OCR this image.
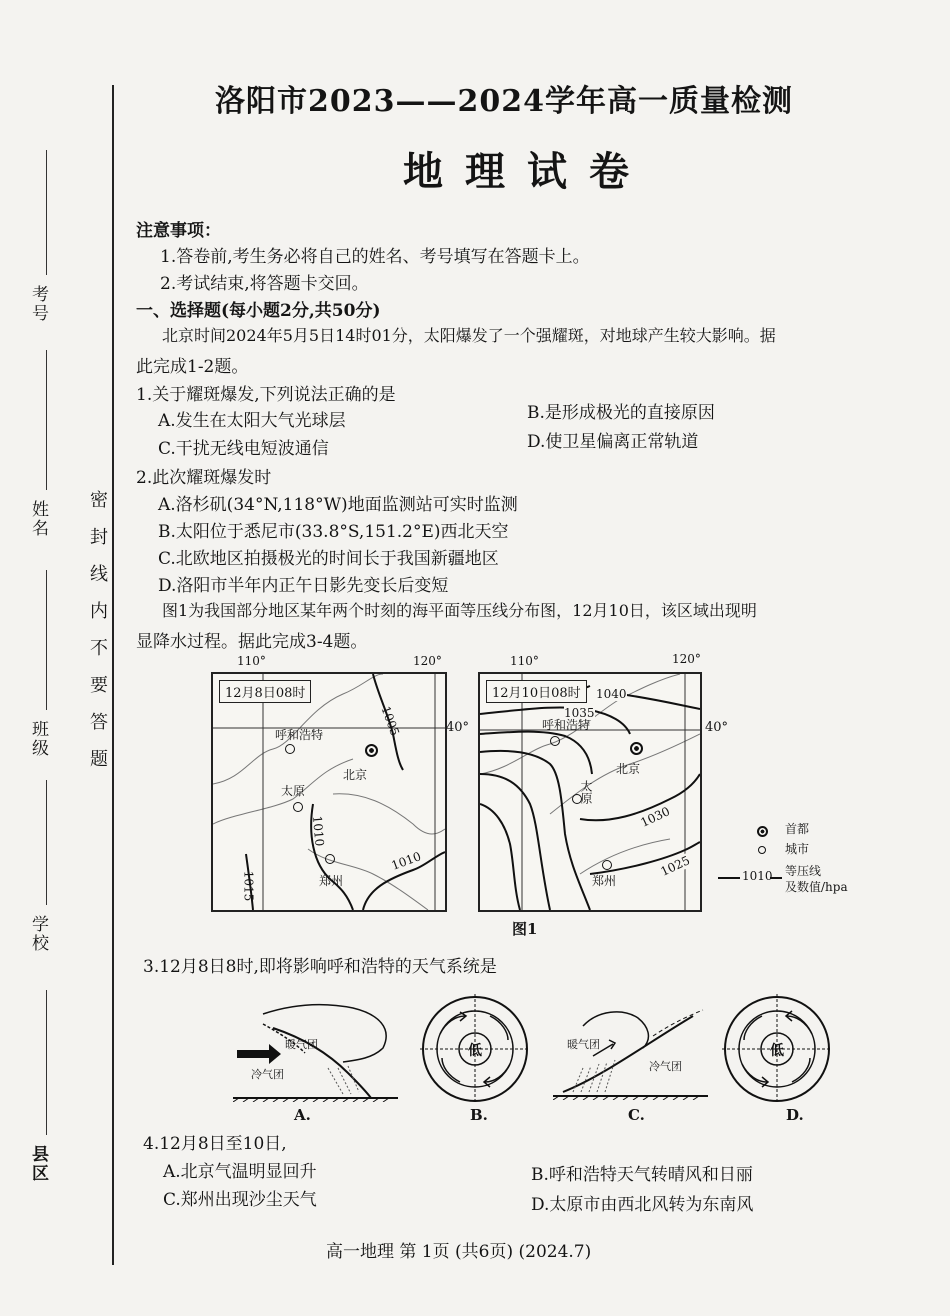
考号
姓名
班级
学校
县区
密封线内不要答题
洛阳市2023——2024学年高一质量检测
地理试卷
注意事项：
1.答卷前,考生务必将自己的姓名、考号填写在答题卡上。
2.考试结束,将答题卡交回。
一、选择题(每小题2分,共50分)
北京时间2024年5月5日14时01分，太阳爆发了一个强耀斑，对地球产生较大影响。据
此完成1-2题。
1.关于耀斑爆发,下列说法正确的是
A.发生在太阳大气光球层	B.是形成极光的直接原因
C.干扰无线电短波通信	D.使卫星偏离正常轨道
2.此次耀斑爆发时
A.洛杉矶(34°N,118°W)地面监测站可实时监测
B.太阳位于悉尼市(33.8°S,151.2°E)西北天空
C.北欧地区拍摄极光的时间长于我国新疆地区
D.洛阳市半年内正午日影先变长后变短
图1为我国部分地区某年两个时刻的海平面等压线分布图，12月10日，该区域出现明
显降水过程。据此完成3-4题。
110°	120°
12月8日08时
1005
1010
1010
1015
呼和浩特
北京
太原
郑州
40°
110°	120°
12月10日08时	1040
1035
1030
1025
呼和浩特
北京
太原
郑州
40°
首都
城市
1010 等压线
及数值/hpa
图1
3.12月8日8时,即将影响呼和浩特的天气系统是
暖气团
冷气团
A.
低
B.
暖气团
冷气团
C.
低
D.
4.12月8日至10日,
A.北京气温明显回升	B.呼和浩特天气转晴风和日丽
C.郑州出现沙尘天气	D.太原市由西北风转为东南风
高一地理 第 1页 (共6页) (2024.7)
